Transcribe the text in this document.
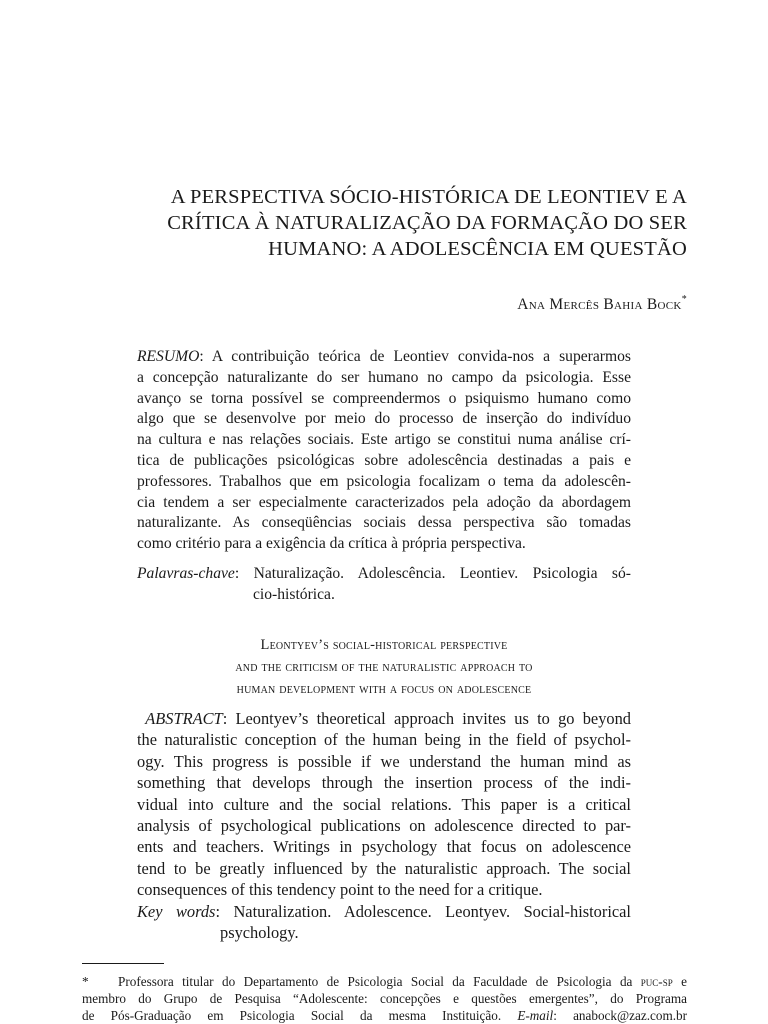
A PERSPECTIVA SÓCIO-HISTÓRICA DE LEONTIEV E A
CRÍTICA À NATURALIZAÇÃO DA FORMAÇÃO DO SER
HUMANO: A ADOLESCÊNCIA EM QUESTÃO
Ana Mercês Bahia Bock*
RESUMO: A contribuição teórica de Leontiev convida-nos a superarmos
a concepção naturalizante do ser humano no campo da psicologia. Esse
avanço se torna possível se compreendermos o psiquismo humano como
algo que se desenvolve por meio do processo de inserção do indivíduo
na cultura e nas relações sociais. Este artigo se constitui numa análise crí-
tica de publicações psicológicas sobre adolescência destinadas a pais e
professores. Trabalhos que em psicologia focalizam o tema da adolescên-
cia tendem a ser especialmente caracterizados pela adoção da abordagem
naturalizante. As conseqüências sociais dessa perspectiva são tomadas
como critério para a exigência da crítica à própria perspectiva.
Palavras-chave: Naturalização. Adolescência. Leontiev. Psicologia só-
cio-histórica.
Leontyev’s social-historical perspective
and the criticism of the naturalistic approach to
human development with a focus on adolescence
ABSTRACT: Leontyev’s theoretical approach invites us to go beyond
the naturalistic conception of the human being in the field of psychol-
ogy. This progress is possible if we understand the human mind as
something that develops through the insertion process of the indi-
vidual into culture and the social relations. This paper is a critical
analysis of psychological publications on adolescence directed to par-
ents and teachers. Writings in psychology that focus on adolescence
tend to be greatly influenced by the naturalistic approach. The social
consequences of this tendency point to the need for a critique.
Key words: Naturalization. Adolescence. Leontyev. Social-historical
psychology.
* Professora titular do Departamento de Psicologia Social da Faculdade de Psicologia da puc-sp e
membro do Grupo de Pesquisa “Adolescente: concepções e questões emergentes”, do Programa
de Pós-Graduação em Psicologia Social da mesma Instituição. E-mail: anabock@zaz.com.br
